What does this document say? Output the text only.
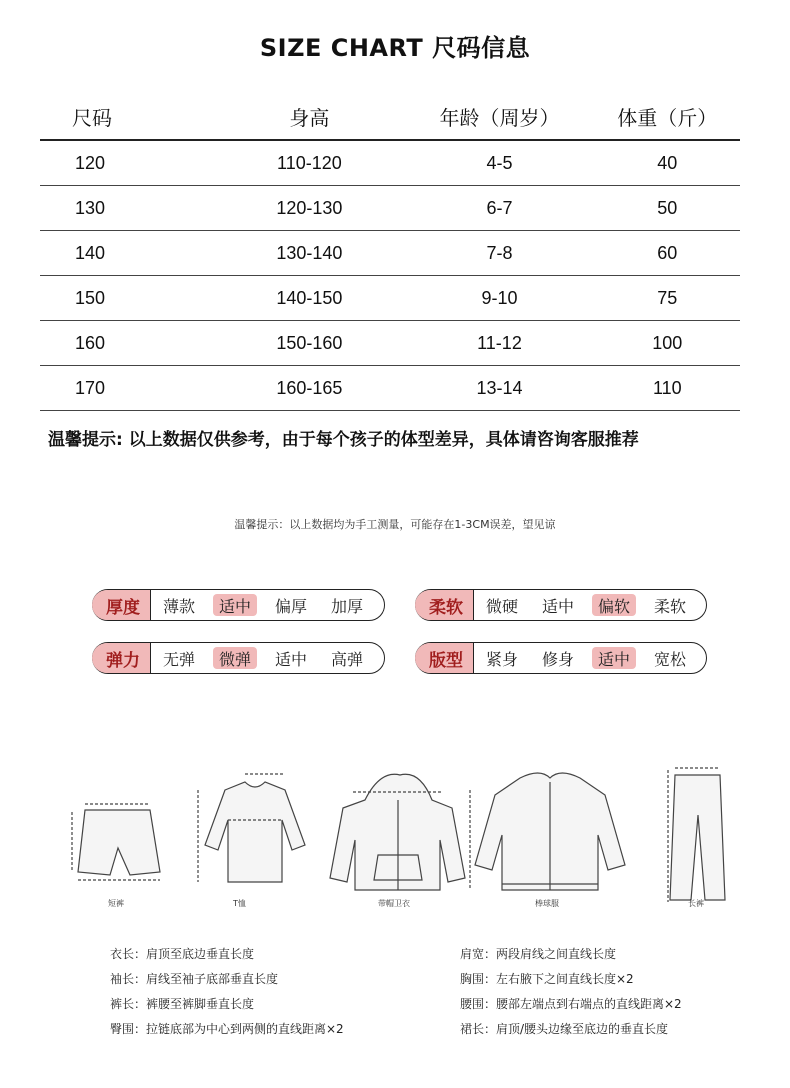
SIZE CHART 尺码信息
尺码	身高	年龄（周岁）	体重（斤）
120	110-120	4-5	40
130	120-130	6-7	50
140	130-140	7-8	60
150	140-150	9-10	75
160	150-160	11-12	100
170	160-165	13-14	110
温馨提示: 以上数据仅供参考，由于每个孩子的体型差异，具体请咨询客服推荐
温馨提示：以上数据均为手工测量，可能存在1-3CM误差，望见谅
厚度	薄款	适中	偏厚	加厚	柔软	微硬	适中	偏软	柔软
弹力	无弹	微弹	适中	高弹	版型	紧身	修身	适中	宽松
短裤	T恤	带帽卫衣	棒球服	长裤
衣长：肩顶至底边垂直长度
袖长：肩线至袖子底部垂直长度
裤长：裤腰至裤脚垂直长度
臀围：拉链底部为中心到两侧的直线距离×2
肩宽：两段肩线之间直线长度
胸围：左右腋下之间直线长度×2
腰围：腰部左端点到右端点的直线距离×2
裙长：肩顶/腰头边缘至底边的垂直长度
